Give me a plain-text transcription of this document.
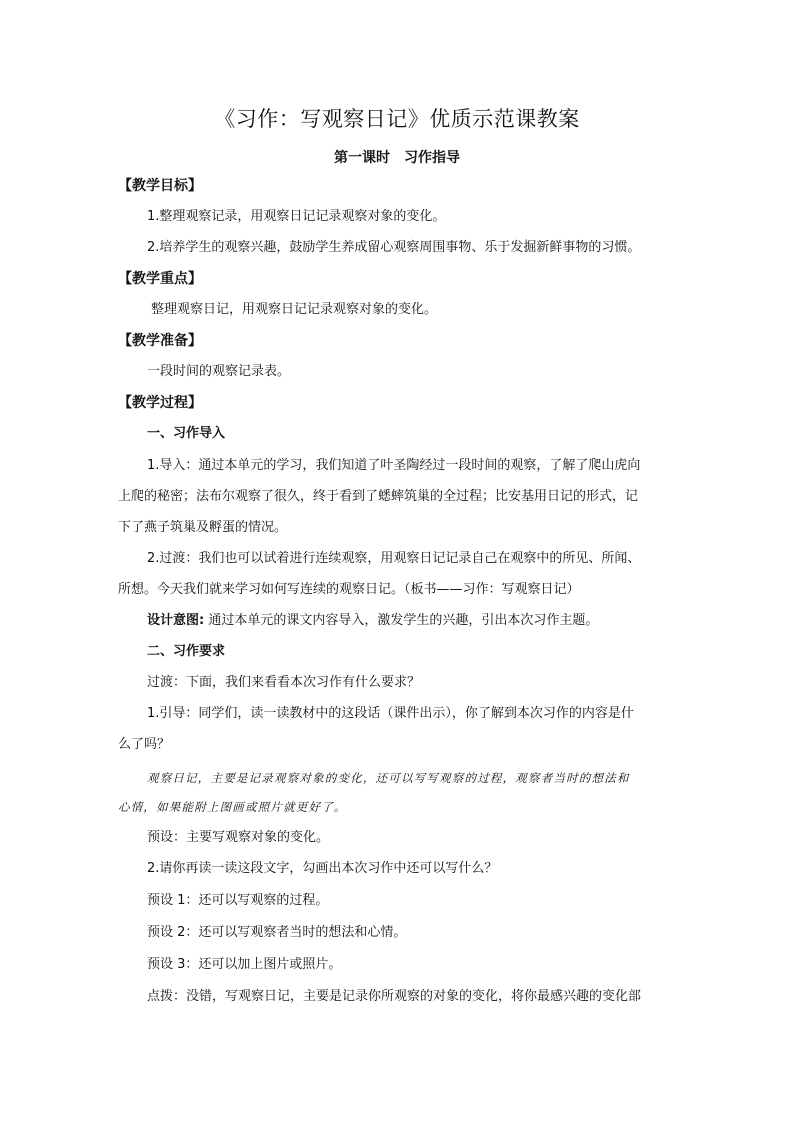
《习作：写观察日记》优质示范课教案
第一课时　习作指导
【教学目标】
1.整理观察记录，用观察日记记录观察对象的变化。
2.培养学生的观察兴趣，鼓励学生养成留心观察周围事物、乐于发掘新鲜事物的习惯。
【教学重点】
整理观察日记，用观察日记记录观察对象的变化。
【教学准备】
一段时间的观察记录表。
【教学过程】
一、习作导入
1.导入：通过本单元的学习，我们知道了叶圣陶经过一段时间的观察，了解了爬山虎向
上爬的秘密；法布尔观察了很久，终于看到了蟋蟀筑巢的全过程；比安基用日记的形式，记
下了燕子筑巢及孵蛋的情况。
2.过渡：我们也可以试着进行连续观察，用观察日记记录自己在观察中的所见、所闻、
所想。今天我们就来学习如何写连续的观察日记。（板书——习作：写观察日记）
设计意图: 通过本单元的课文内容导入，激发学生的兴趣，引出本次习作主题。
二、习作要求
过渡：下面，我们来看看本次习作有什么要求？
1.引导：同学们，读一读教材中的这段话（课件出示），你了解到本次习作的内容是什
么了吗？
观察日记，主要是记录观察对象的变化，还可以写写观察的过程，观察者当时的想法和
心情，如果能附上图画或照片就更好了。
预设：主要写观察对象的变化。
2.请你再读一读这段文字，勾画出本次习作中还可以写什么？
预设 1：还可以写观察的过程。
预设 2：还可以写观察者当时的想法和心情。
预设 3：还可以加上图片或照片。
点拨：没错，写观察日记，主要是记录你所观察的对象的变化，将你最感兴趣的变化部
